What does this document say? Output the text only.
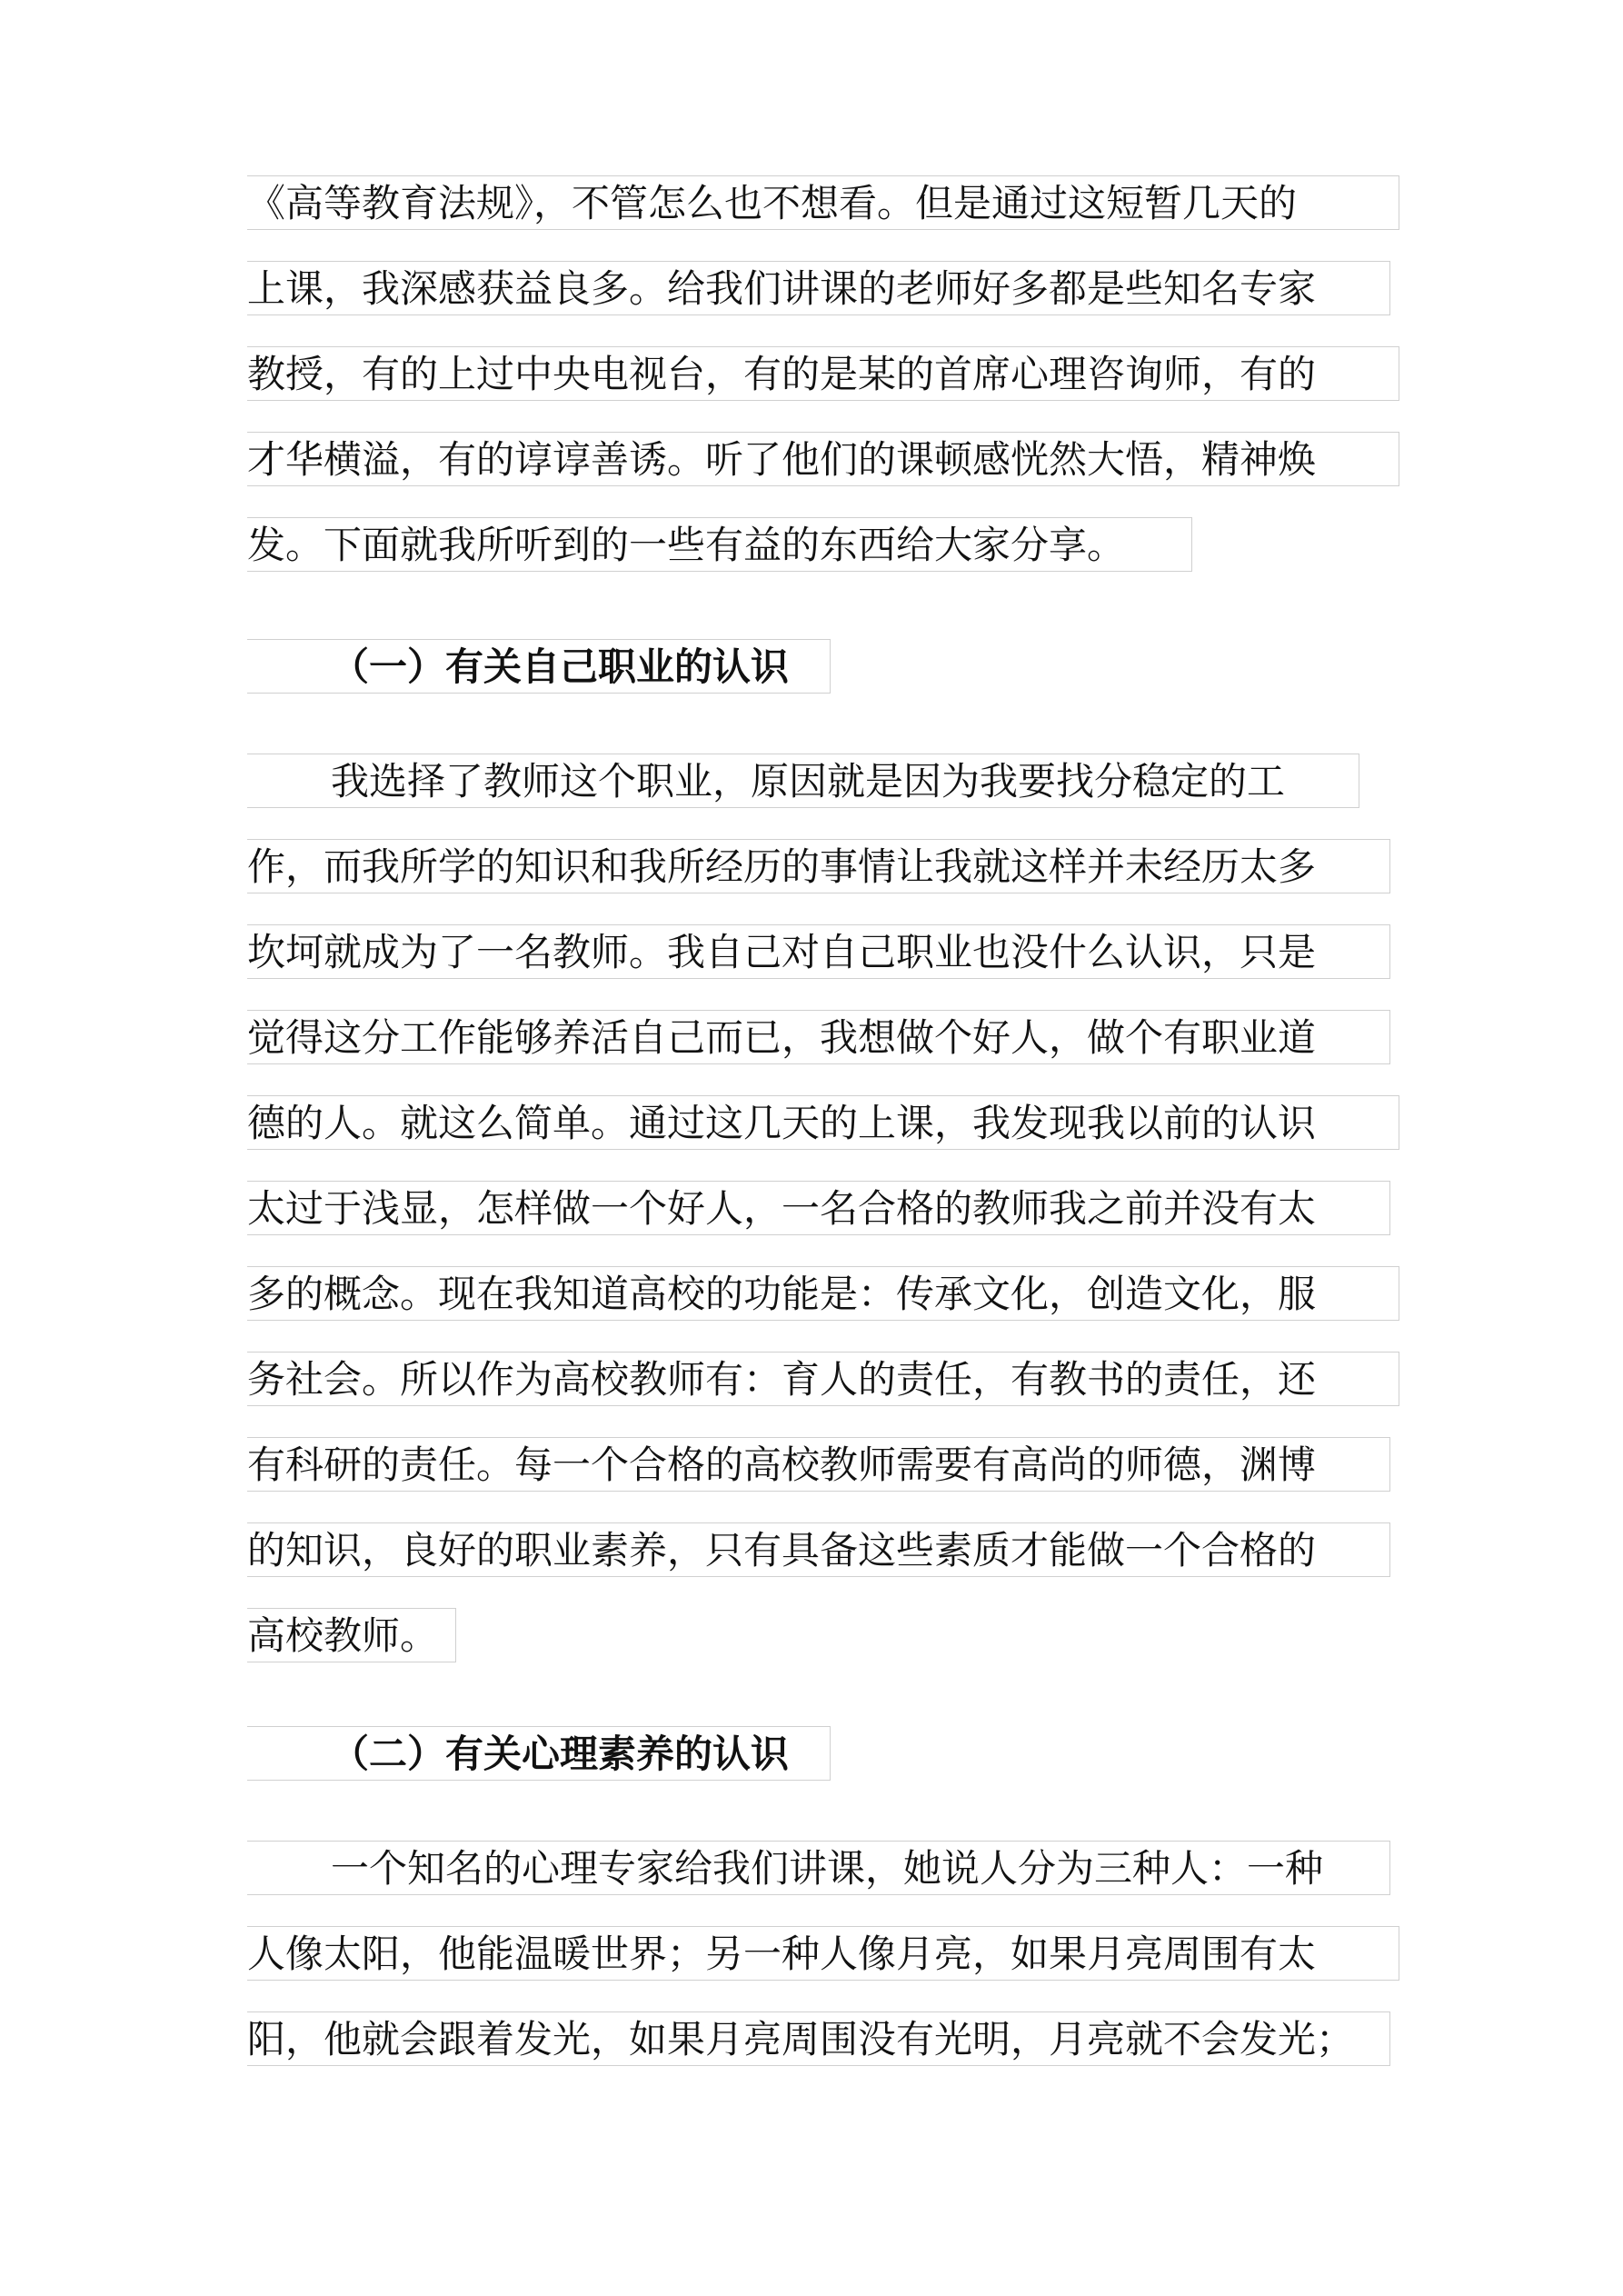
《高等教育法规》，不管怎么也不想看。但是通过这短暂几天的
上课，我深感获益良多。给我们讲课的老师好多都是些知名专家
教授，有的上过中央电视台，有的是某的首席心理咨询师，有的
才华横溢，有的谆谆善诱。听了他们的课顿感恍然大悟，精神焕
发。下面就我所听到的一些有益的东西给大家分享。
（一）有关自己职业的认识
我选择了教师这个职业，原因就是因为我要找分稳定的工
作，而我所学的知识和我所经历的事情让我就这样并未经历太多
坎坷就成为了一名教师。我自己对自己职业也没什么认识，只是
觉得这分工作能够养活自己而已，我想做个好人，做个有职业道
德的人。就这么简单。通过这几天的上课，我发现我以前的认识
太过于浅显，怎样做一个好人，一名合格的教师我之前并没有太
多的概念。现在我知道高校的功能是：传承文化，创造文化，服
务社会。所以作为高校教师有：育人的责任，有教书的责任，还
有科研的责任。每一个合格的高校教师需要有高尚的师德，渊博
的知识，良好的职业素养，只有具备这些素质才能做一个合格的
高校教师。
（二）有关心理素养的认识
一个知名的心理专家给我们讲课，她说人分为三种人：一种
人像太阳，他能温暖世界；另一种人像月亮，如果月亮周围有太
阳，他就会跟着发光，如果月亮周围没有光明，月亮就不会发光；
